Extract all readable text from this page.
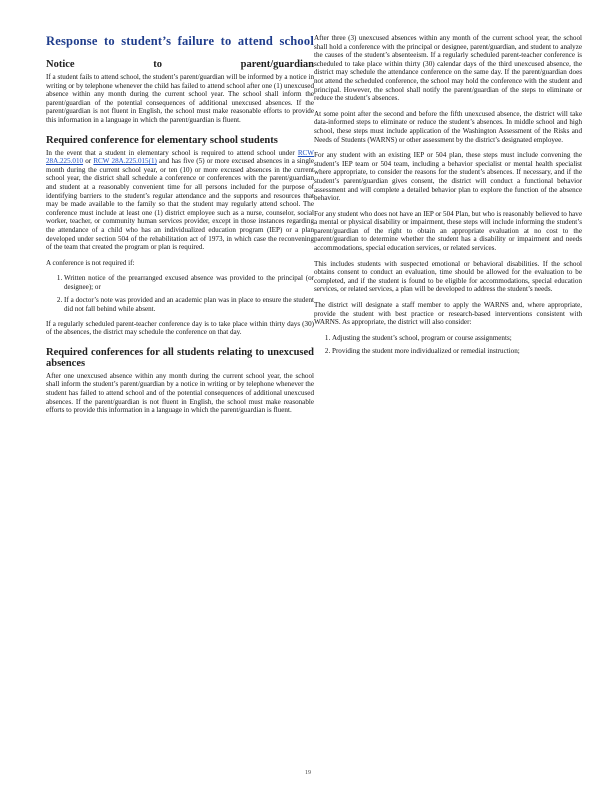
Response to student’s failure to attend school
Notice to parent/guardian

If a student fails to attend school, the student’s parent/guardian will be informed by a notice in writing or by telephone whenever the child has failed to attend school after one (1) unexcused absence within any month during the current school year. The school shall inform the parent/guardian of the potential consequences of additional unexcused absences. If the parent/guardian is not fluent in English, the school must make reasonable efforts to provide this information in a language in which the parent/guardian is fluent.

Required conference for elementary school students

In the event that a student in elementary school is required to attend school under RCW 28A.225.010 or RCW 28A.225.015(1) and has five (5) or more excused absences in a single month during the current school year, or ten (10) or more excused absences in the current school year, the district shall schedule a conference or conferences with the parent/guardian and student at a reasonably convenient time for all persons included for the purpose of identifying barriers to the student’s regular attendance and the supports and resources that may be made available to the family so that the student may regularly attend school. The conference must include at least one (1) district employee such as a nurse, counselor, social worker, teacher, or community human services provider, except in those instances regarding the attendance of a child who has an individualized education program (IEP) or a plan developed under section 504 of the rehabilitation act of 1973, in which case the reconvening of the team that created the program or plan is required.

A conference is not required if:

1. Written notice of the prearranged excused absence was provided to the principal (or designee); or
2. If a doctor’s note was provided and an academic plan was in place to ensure the student did not fall behind while absent.

If a regularly scheduled parent-teacher conference day is to take place within thirty days (30) of the absences, the district may schedule the conference on that day.

Required conferences for all students relating to unexcused absences

After one unexcused absence within any month during the current school year, the school shall inform the student’s parent/guardian by a notice in writing or by telephone whenever the student has failed to attend school and of the potential consequences of additional unexcused absences. If the parent/guardian is not fluent in English, the school must make reasonable efforts to provide this information in a language in which the parent/guardian is fluent.

After three (3) unexcused absences within any month of the current school year, the school shall hold a conference with the principal or designee, parent/guardian, and student to analyze the causes of the student’s absenteeism. If a regularly scheduled parent-teacher conference is scheduled to take place within thirty (30) calendar days of the third unexcused absence, the district may schedule the attendance conference on the same day. If the parent/guardian does not attend the scheduled conference, the school may hold the conference with the student and principal. However, the school shall notify the parent/guardian of the steps to eliminate or reduce the student’s absences.

At some point after the second and before the fifth unexcused absence, the district will take data-informed steps to eliminate or reduce the student’s absences. In middle school and high school, these steps must include application of the Washington Assessment of the Risks and Needs of Students (WARNS) or other assessment by the district’s designated employee.

For any student with an existing IEP or 504 plan, these steps must include convening the student’s IEP team or 504 team, including a behavior specialist or mental health specialist where appropriate, to consider the reasons for the student’s absences. If necessary, and if the student’s parent/guardian gives consent, the district will conduct a functional behavior assessment and will complete a detailed behavior plan to explore the function of the absence behavior.

For any student who does not have an IEP or 504 Plan, but who is reasonably believed to have a mental or physical disability or impairment, these steps will include informing the student’s parent/guardian of the right to obtain an appropriate evaluation at no cost to the parent/guardian to determine whether the student has a disability or impairment and needs accommodations, special education services, or related services.

This includes students with suspected emotional or behavioral disabilities. If the school obtains consent to conduct an evaluation, time should be allowed for the evaluation to be completed, and if the student is found to be eligible for accommodations, special education services, or related services, a plan will be developed to address the student’s needs.

The district will designate a staff member to apply the WARNS and, where appropriate, provide the student with best practice or research-based interventions consistent with WARNS. As appropriate, the district will also consider:

1. Adjusting the student’s school, program or course assignments;
2. Providing the student more individualized or remedial instruction;
19
